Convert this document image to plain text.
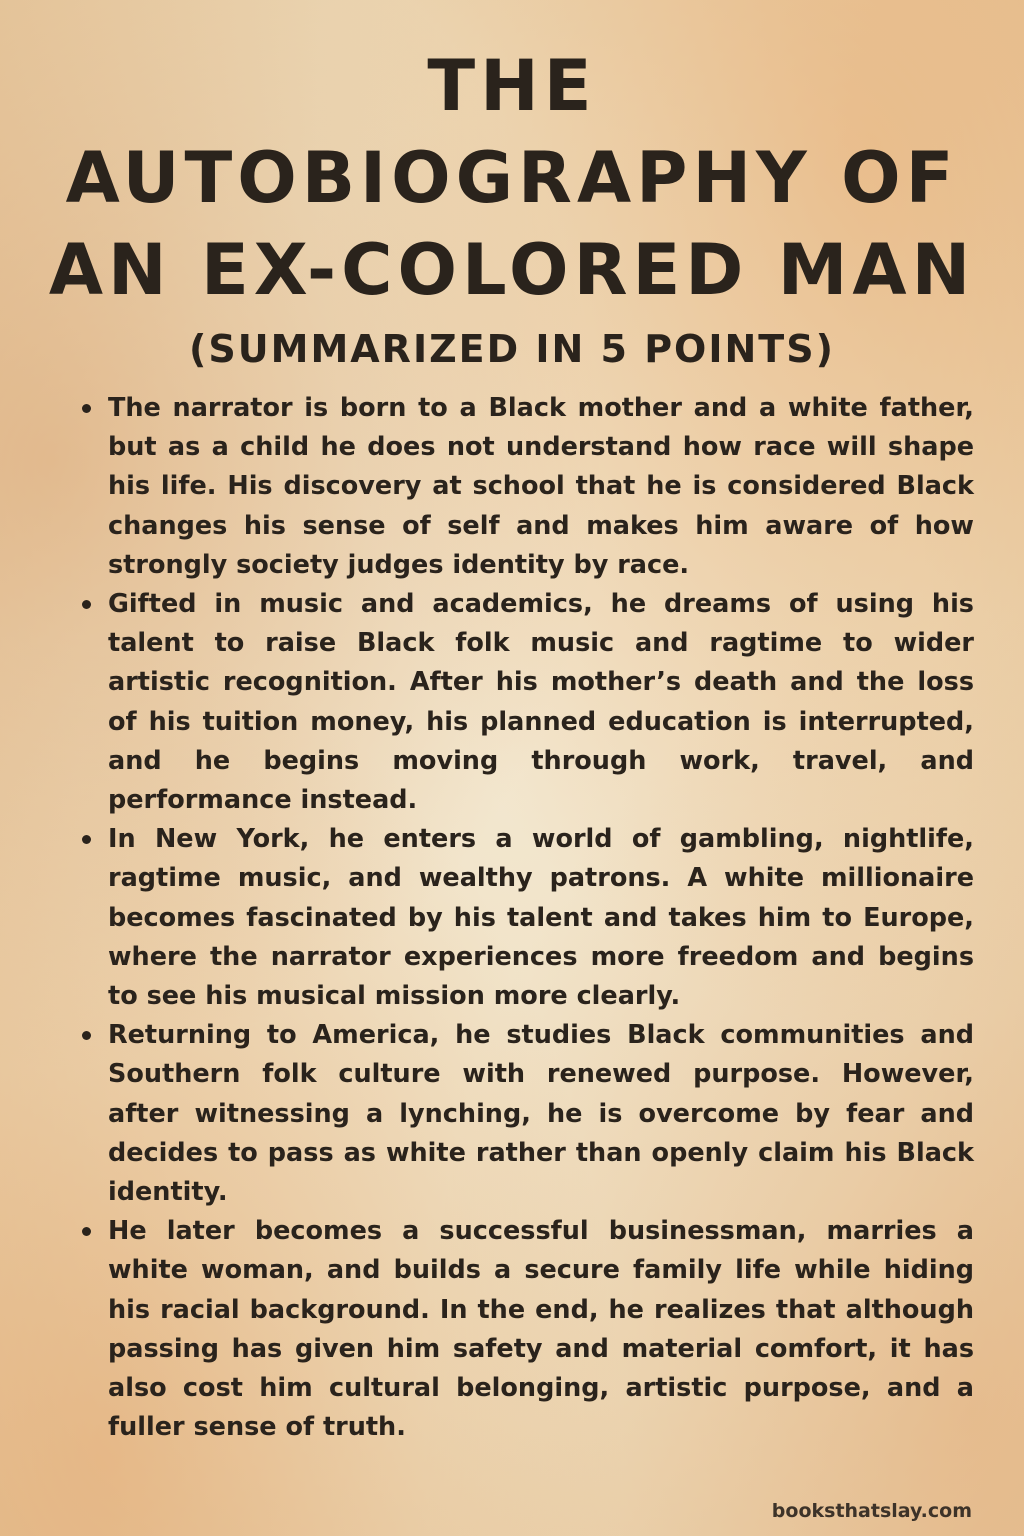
THE AUTOBIOGRAPHY OF AN EX-COLORED MAN
(SUMMARIZED IN 5 POINTS)
The narrator is born to a Black mother and a white father, but as a child he does not understand how race will shape his life. His discovery at school that he is considered Black changes his sense of self and makes him aware of how strongly society judges identity by race.
Gifted in music and academics, he dreams of using his talent to raise Black folk music and ragtime to wider artistic recognition. After his mother’s death and the loss of his tuition money, his planned education is interrupted, and he begins moving through work, travel, and performance instead.
In New York, he enters a world of gambling, nightlife, ragtime music, and wealthy patrons. A white millionaire becomes fascinated by his talent and takes him to Europe, where the narrator experiences more freedom and begins to see his musical mission more clearly.
Returning to America, he studies Black communities and Southern folk culture with renewed purpose. However, after witnessing a lynching, he is overcome by fear and decides to pass as white rather than openly claim his Black identity.
He later becomes a successful businessman, marries a white woman, and builds a secure family life while hiding his racial background. In the end, he realizes that although passing has given him safety and material comfort, it has also cost him cultural belonging, artistic purpose, and a fuller sense of truth.
booksthatslay.com
